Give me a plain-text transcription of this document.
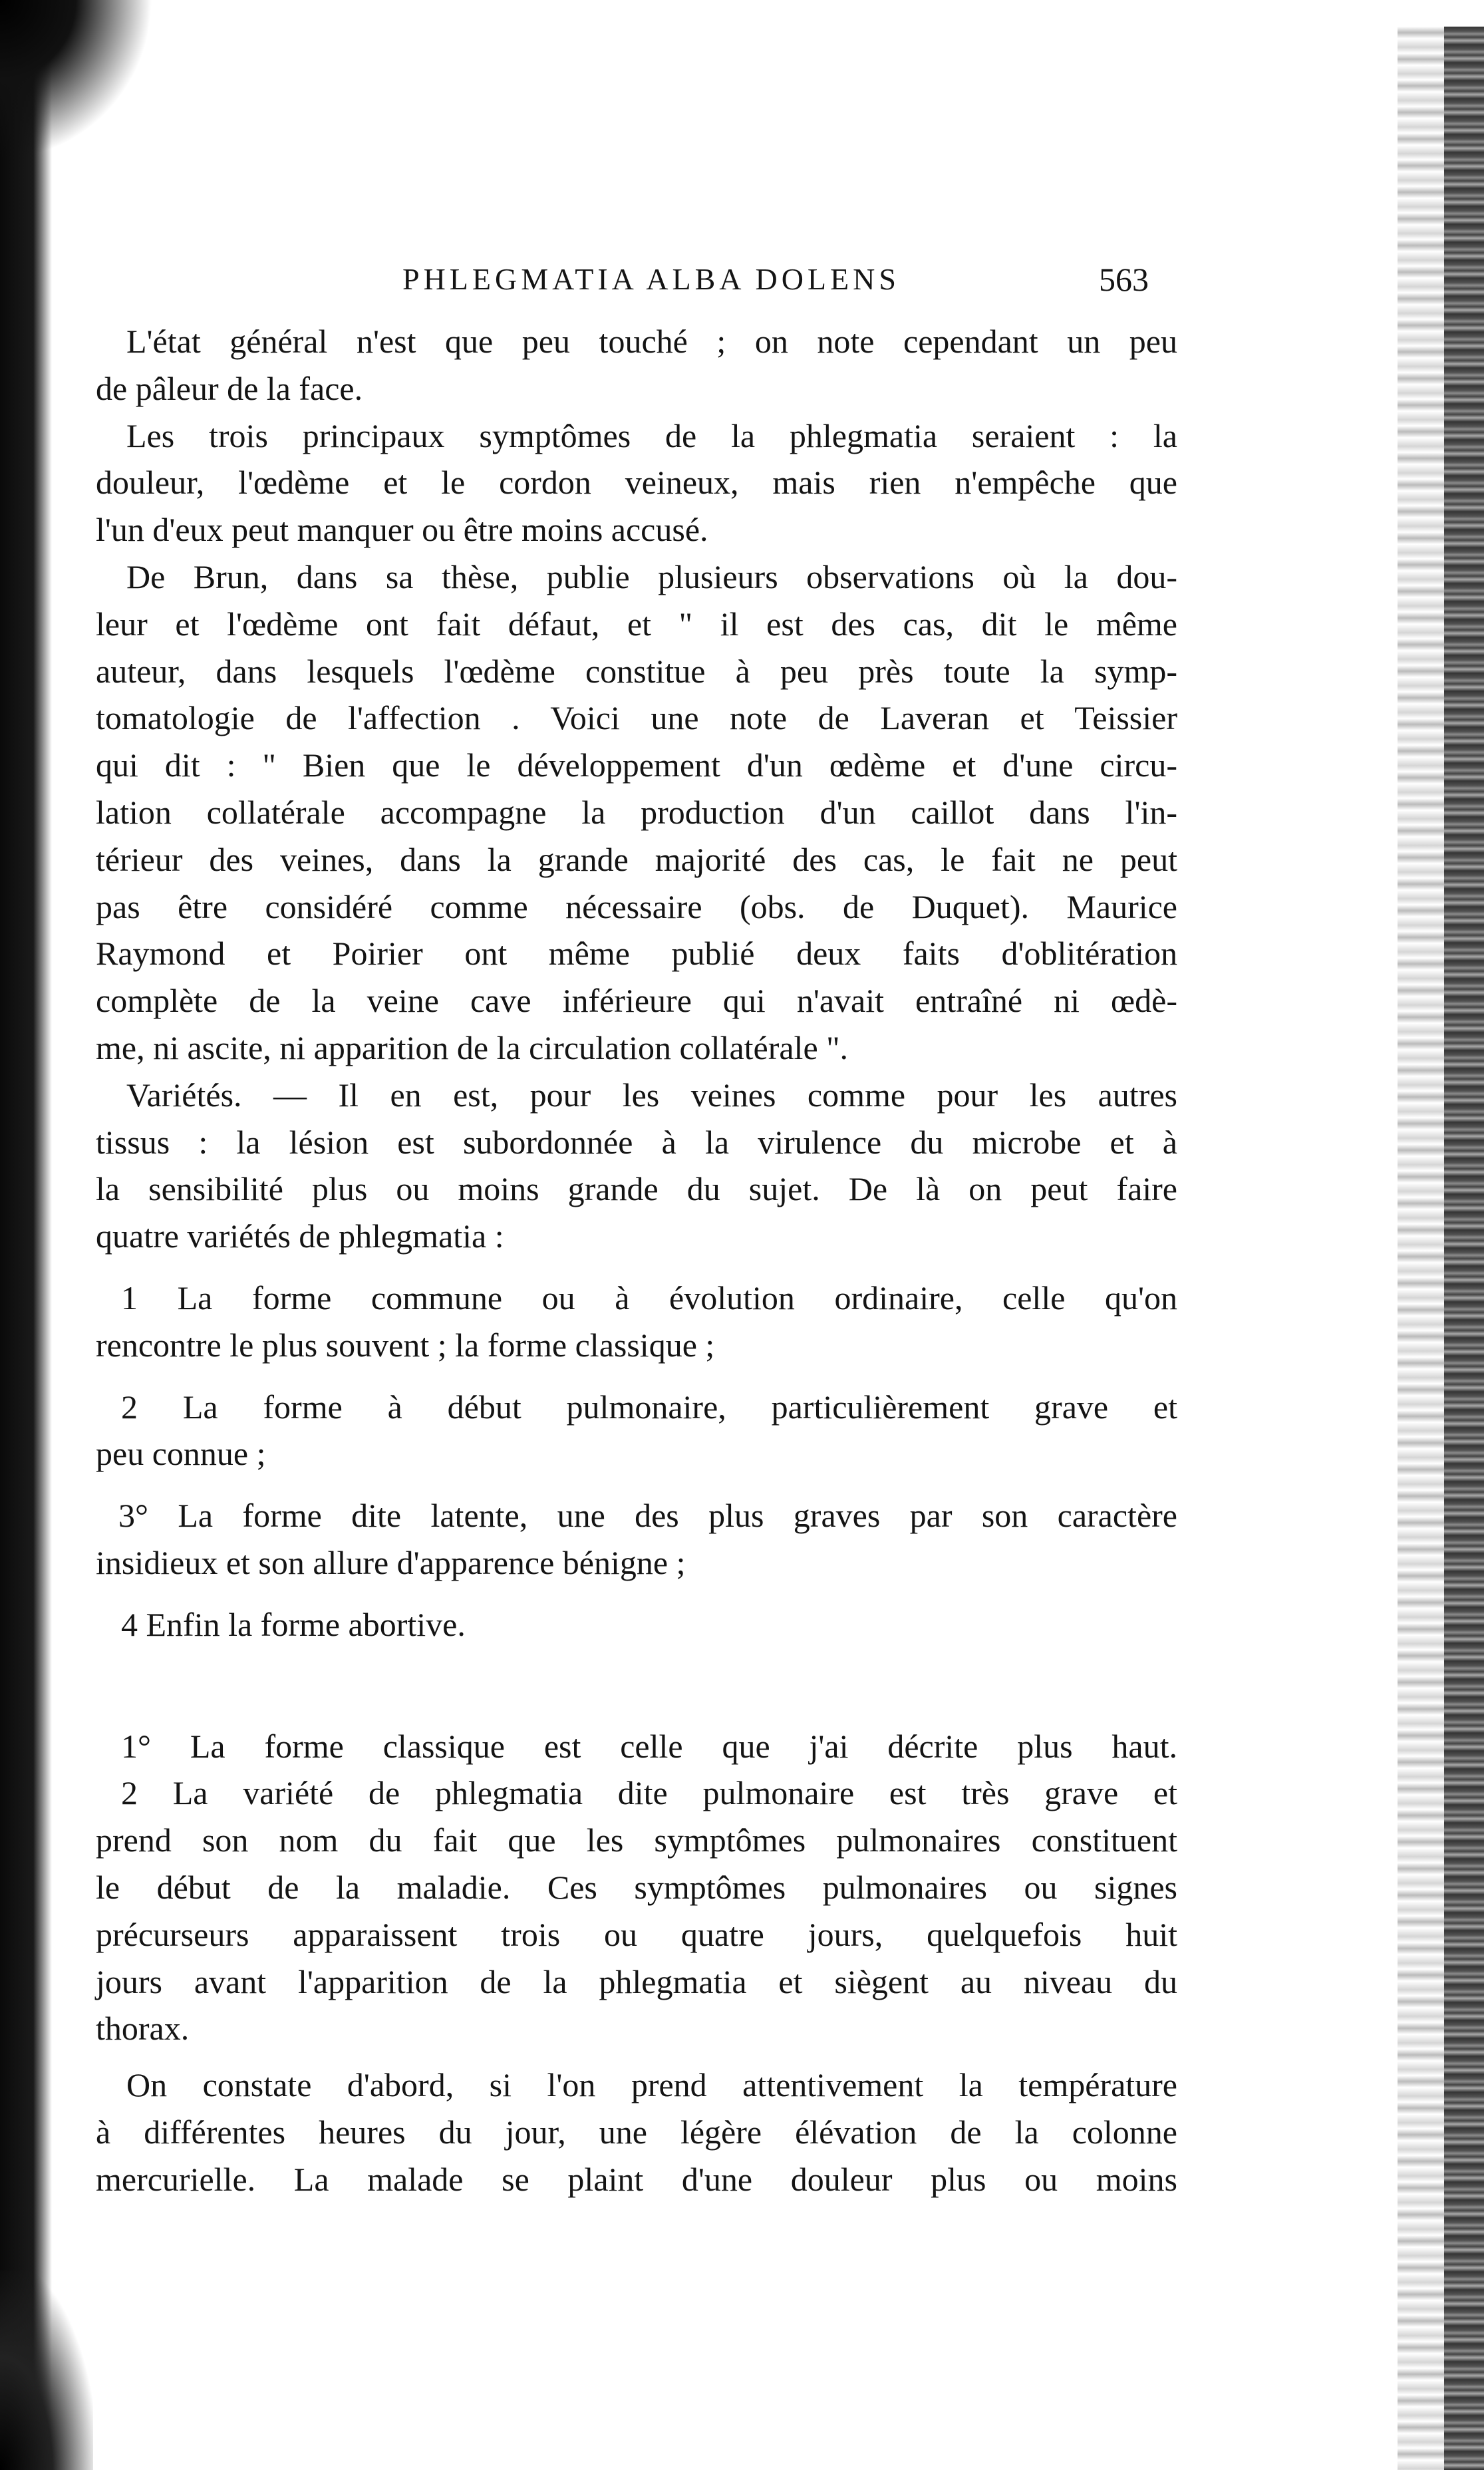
PHLEGMATIA ALBA DOLENS	563
L'état général n'est que peu touché ; on note cependant un peu
de pâleur de la face.
Les trois principaux symptômes de la phlegmatia seraient : la
douleur, l'œdème et le cordon veineux, mais rien n'empêche que
l'un d'eux peut manquer ou être moins accusé.
De Brun, dans sa thèse, publie plusieurs observations où la dou-
leur et l'œdème ont fait défaut, et " il est des cas, dit le même
auteur, dans lesquels l'œdème constitue à peu près toute la symp-
tomatologie de l'affection . Voici une note de Laveran et Teissier
qui dit : " Bien que le développement d'un œdème et d'une circu-
lation collatérale accompagne la production d'un caillot dans l'in-
térieur des veines, dans la grande majorité des cas, le fait ne peut
pas être considéré comme nécessaire (obs. de Duquet). Maurice
Raymond et Poirier ont même publié deux faits d'oblitération
complète de la veine cave inférieure qui n'avait entraîné ni œdè-
me, ni ascite, ni apparition de la circulation collatérale ".
Variétés. — Il en est, pour les veines comme pour les autres
tissus : la lésion est subordonnée à la virulence du microbe et à
la sensibilité plus ou moins grande du sujet. De là on peut faire
quatre variétés de phlegmatia :
1 La forme commune ou à évolution ordinaire, celle qu'on
rencontre le plus souvent ; la forme classique ;
2 La forme à début pulmonaire, particulièrement grave et
peu connue ;
3° La forme dite latente, une des plus graves par son caractère
insidieux et son allure d'apparence bénigne ;
4 Enfin la forme abortive.
1° La forme classique est celle que j'ai décrite plus haut.
2 La variété de phlegmatia dite pulmonaire est très grave et
prend son nom du fait que les symptômes pulmonaires constituent
le début de la maladie. Ces symptômes pulmonaires ou signes
précurseurs apparaissent trois ou quatre jours, quelquefois huit
jours avant l'apparition de la phlegmatia et siègent au niveau du
thorax.
On constate d'abord, si l'on prend attentivement la température
à différentes heures du jour, une légère élévation de la colonne
mercurielle. La malade se plaint d'une douleur plus ou moins
